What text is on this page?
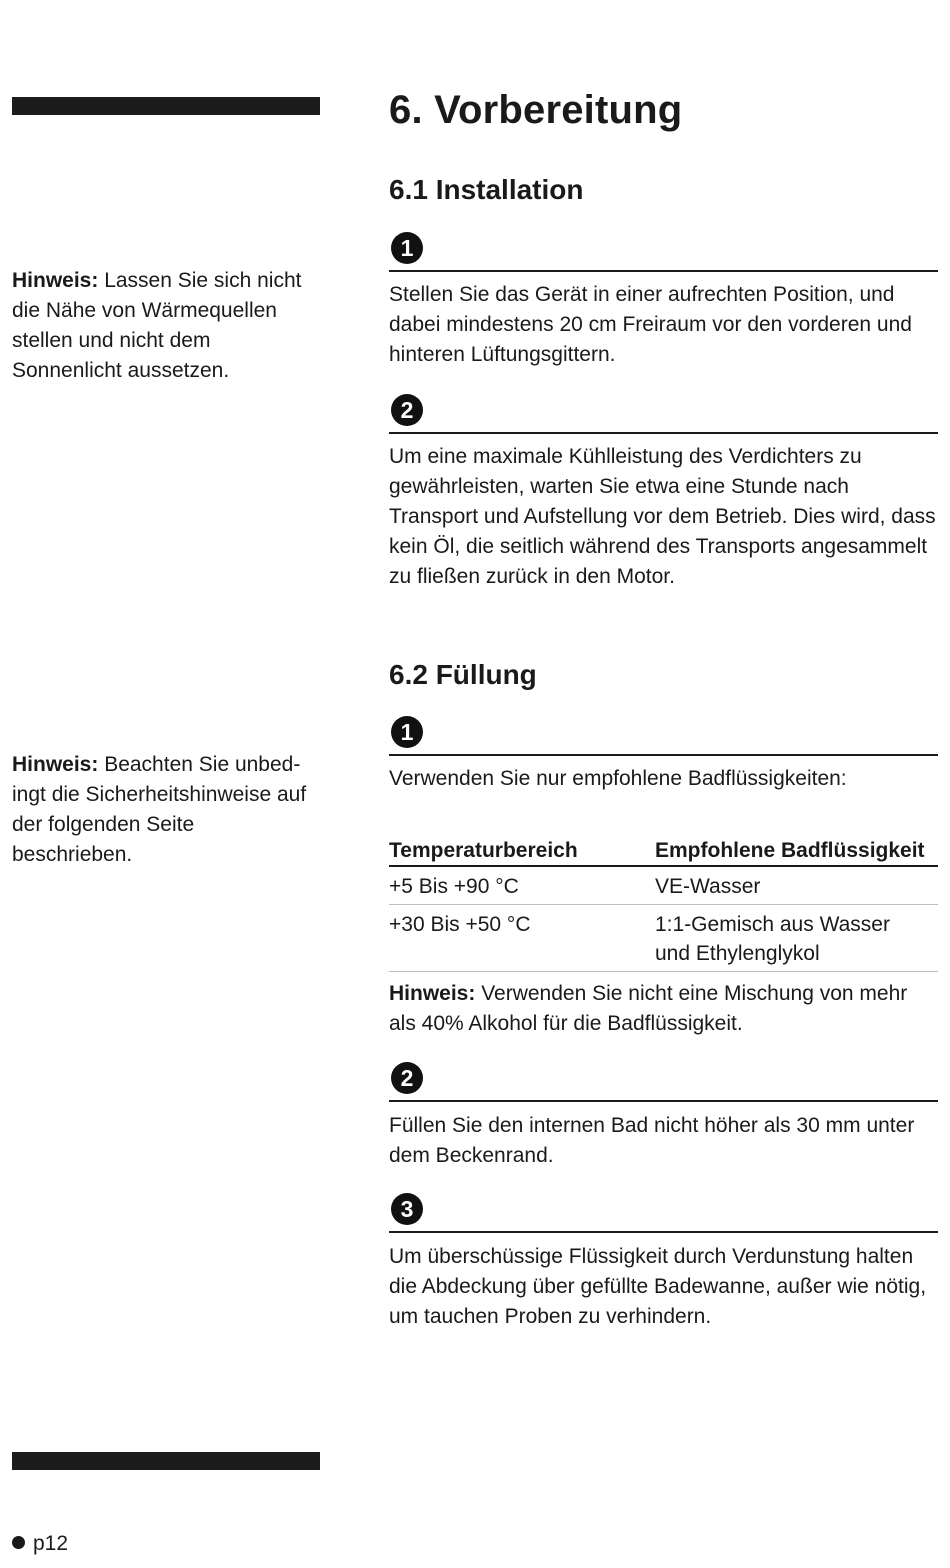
Hinweis: Lassen Sie sich nicht die Nähe von Wärmequellen stellen und nicht dem Sonnenlicht aussetzen.
Hinweis: Beachten Sie unbed-ingt die Sicherheitshinweise auf der folgenden Seite beschrieben.
6. Vorbereitung
6.1 Installation
1

Stellen Sie das Gerät in einer aufrechten Position, und dabei mindestens 20 cm Freiraum vor den vorderen und hinteren Lüftungsgittern.

2

Um eine maximale Kühlleistung des Verdichters zu gewährleisten, warten Sie etwa eine Stunde nach Transport und Aufstellung vor dem Betrieb. Dies wird, dass kein Öl, die seitlich während des Transports angesammelt zu fließen zurück in den Motor.

6.2 Füllung
1

Verwenden Sie nur empfohlene Badflüssigkeiten:

Temperaturbereich	Empfohlene Badflüssigkeit
+5 Bis +90 °C	VE-Wasser
+30 Bis +50 °C	1:1-Gemisch aus Wasser und Ethylenglykol

Hinweis: Verwenden Sie nicht eine Mischung von mehr als 40% Alkohol für die Badflüssigkeit.

2

Füllen Sie den internen Bad nicht höher als 30 mm unter dem Beckenrand.

3

Um überschüssige Flüssigkeit durch Verdunstung halten die Abdeckung über gefüllte Badewanne, außer wie nötig, um tauchen Proben zu verhindern.

p12
